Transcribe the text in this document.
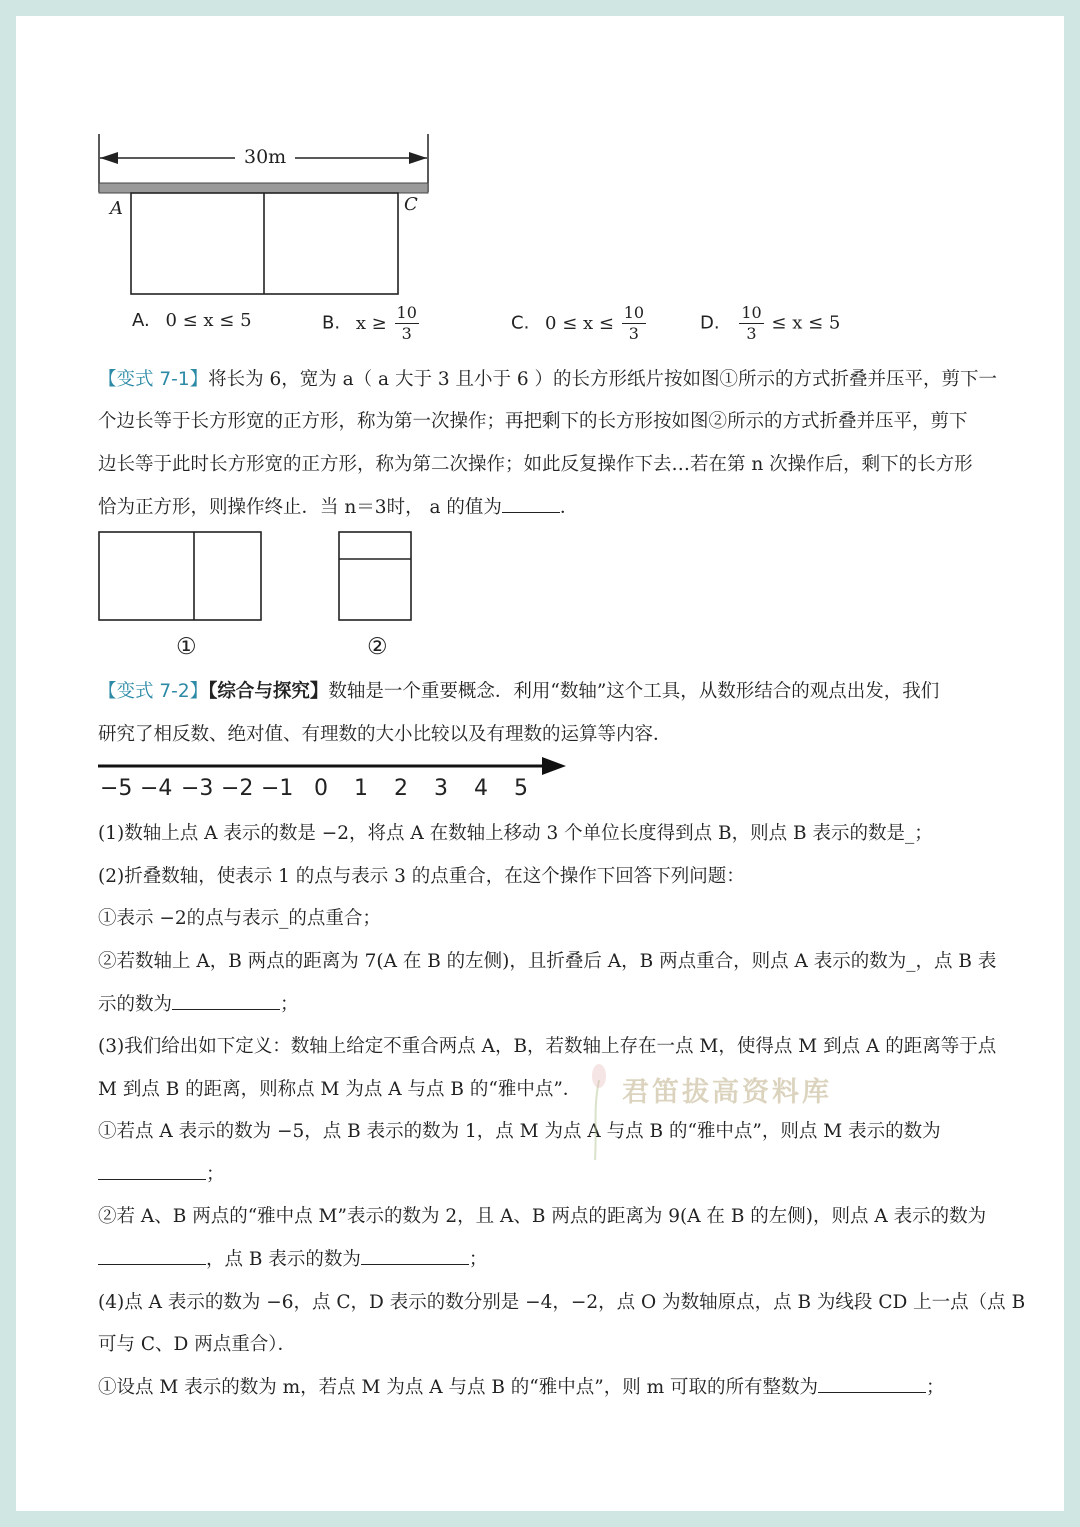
30m
A	C
A. 0 ≤ x ≤ 5	B. $x \ge \frac{10}{3}$	C. $0 \le x \le \frac{10}{3}$	D. $\frac{10}{3} \le x \le 5$
【变式 7-1】将长为 6，宽为 a（ a 大于 3 且小于 6 ）的长方形纸片按如图①所示的方式折叠并压平，剪下一
个边长等于长方形宽的正方形，称为第一次操作；再把剩下的长方形按如图②所示的方式折叠并压平，剪下
边长等于此时长方形宽的正方形，称为第二次操作；如此反复操作下去…若在第 n 次操作后，剩下的长方形
恰为正方形，则操作终止．当 n＝3时， a 的值为	．
①	②
【变式 7-2】【综合与探究】数轴是一个重要概念．利用“数轴”这个工具，从数形结合的观点出发，我们
研究了相反数、绝对值、有理数的大小比较以及有理数的运算等内容．
−5 −4 −3 −2 −1 0 1 2 3 4 5
(1)数轴上点 A 表示的数是 −2，将点 A 在数轴上移动 3 个单位长度得到点 B，则点 B 表示的数是_；
(2)折叠数轴，使表示 1 的点与表示 3 的点重合，在这个操作下回答下列问题：
①表示 −2的点与表示_的点重合；
②若数轴上 A，B 两点的距离为 7(A 在 B 的左侧)，且折叠后 A，B 两点重合，则点 A 表示的数为_，点 B 表
示的数为	；
(3)我们给出如下定义：数轴上给定不重合两点 A，B，若数轴上存在一点 M，使得点 M 到点 A 的距离等于点
M 到点 B 的距离，则称点 M 为点 A 与点 B 的“雅中点”．
①若点 A 表示的数为 −5，点 B 表示的数为 1，点 M 为点 A 与点 B 的“雅中点”，则点 M 表示的数为
；
②若 A、B 两点的“雅中点 M”表示的数为 2，且 A、B 两点的距离为 9(A 在 B 的左侧)，则点 A 表示的数为
，点 B 表示的数为	；
(4)点 A 表示的数为 −6，点 C，D 表示的数分别是 −4，−2，点 O 为数轴原点，点 B 为线段 CD 上一点（点 B
可与 C、D 两点重合）．
①设点 M 表示的数为 m，若点 M 为点 A 与点 B 的“雅中点”，则 m 可取的所有整数为	；
君笛拔高资料库
